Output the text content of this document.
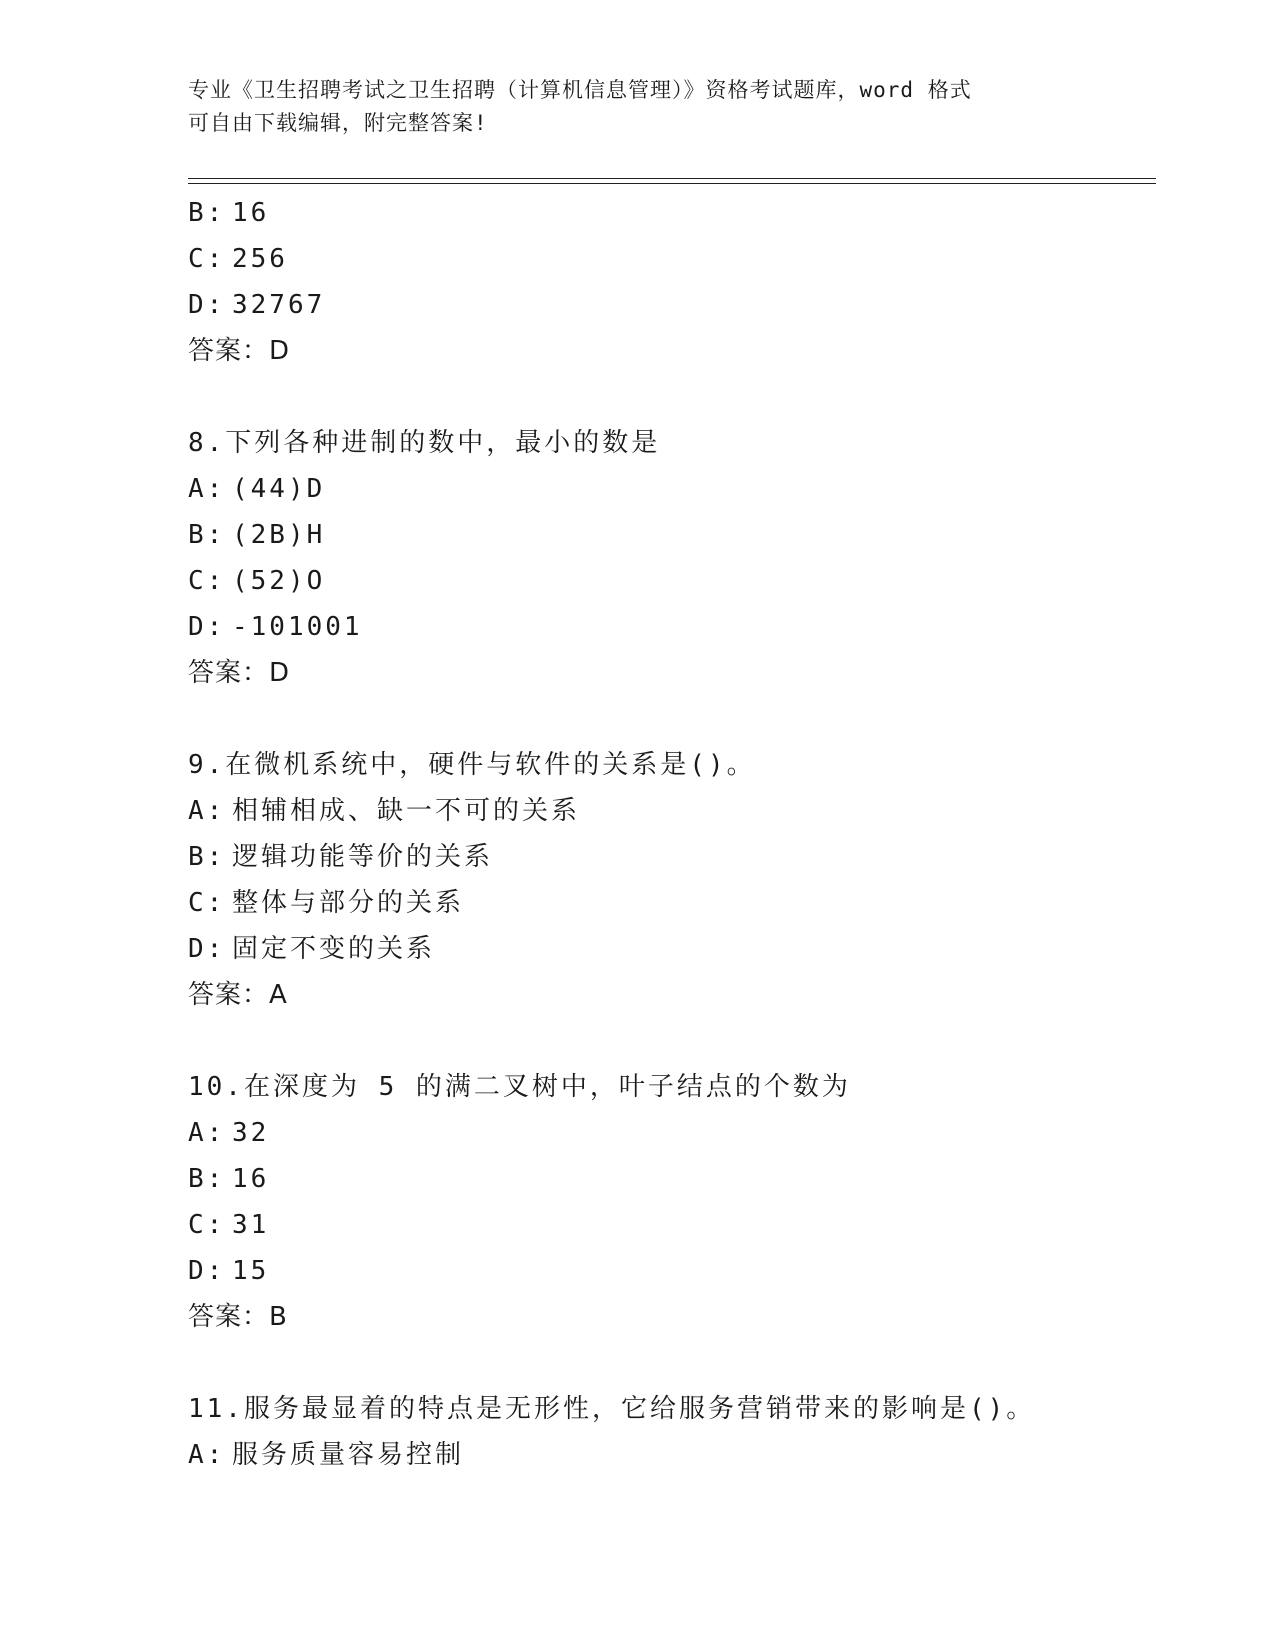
专业《卫生招聘考试之卫生招聘（计算机信息管理）》资格考试题库，word 格式
可自由下载编辑，附完整答案!
B: 16
C: 256
D: 32767
答案：D
8.下列各种进制的数中，最小的数是
A: (44)D
B: (2B)H
C: (52)O
D: -101001
答案：D
9.在微机系统中，硬件与软件的关系是()。
A: 相辅相成、缺一不可的关系
B: 逻辑功能等价的关系
C: 整体与部分的关系
D: 固定不变的关系
答案：A
10.在深度为 5 的满二叉树中，叶子结点的个数为
A: 32
B: 16
C: 31
D: 15
答案：B
11.服务最显着的特点是无形性，它给服务营销带来的影响是()。
A: 服务质量容易控制
